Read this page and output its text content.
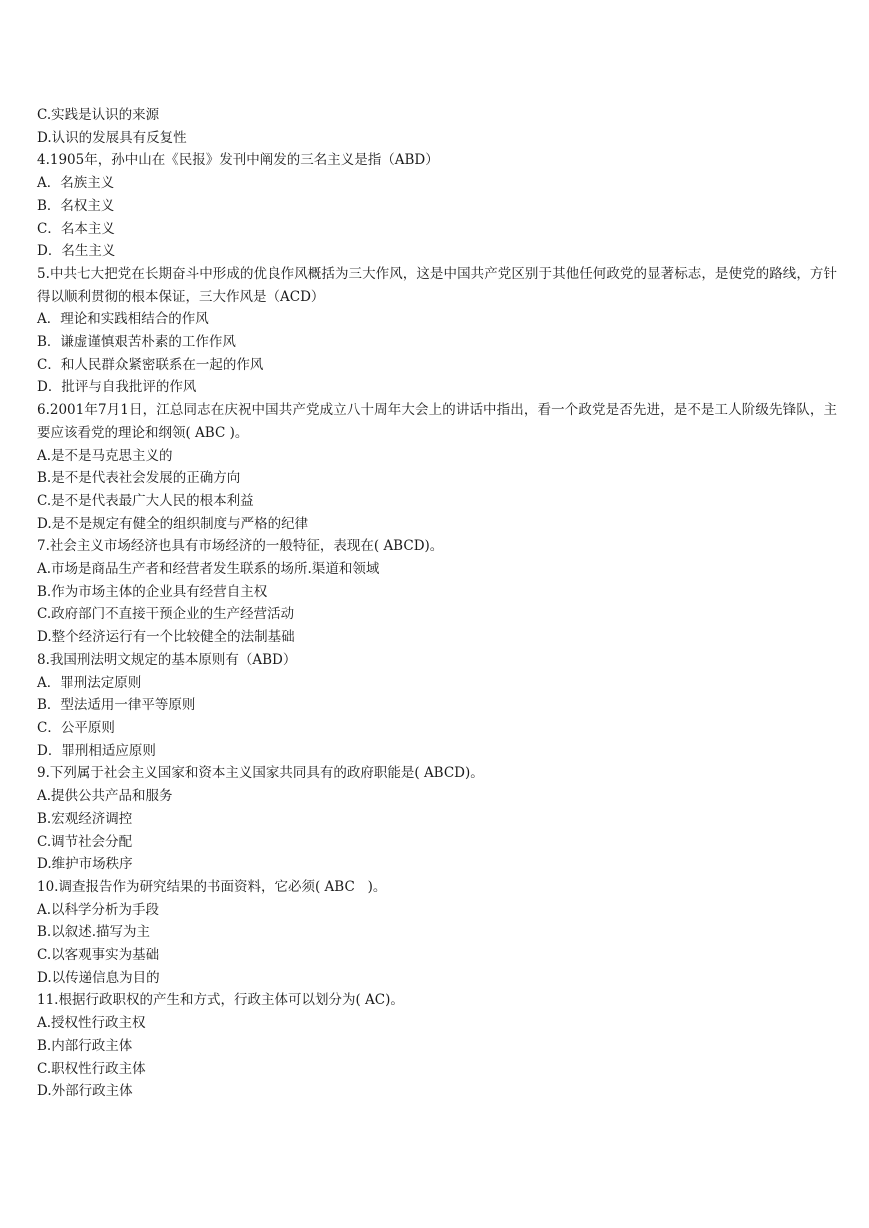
C.实践是认识的来源

D.认识的发展具有反复性

4.1905年，孙中山在《民报》发刊中阐发的三名主义是指（ABD）

A．名族主义

B．名权主义

C．名本主义

D．名生主义

5.中共七大把党在长期奋斗中形成的优良作风概括为三大作风，这是中国共产党区别于其他任何政党的显著标志，是使党的路线，方针得以顺利贯彻的根本保证，三大作风是（ACD）

A．理论和实践相结合的作风

B．谦虚谨慎艰苦朴素的工作作风

C．和人民群众紧密联系在一起的作风

D．批评与自我批评的作风

6.2001年7月1日，江总同志在庆祝中国共产党成立八十周年大会上的讲话中指出，看一个政党是否先进，是不是工人阶级先锋队，主要应该看党的理论和纲领( ABC )。

A.是不是马克思主义的

B.是不是代表社会发展的正确方向

C.是不是代表最广大人民的根本利益

D.是不是规定有健全的组织制度与严格的纪律

7.社会主义市场经济也具有市场经济的一般特征，表现在( ABCD)。

A.市场是商品生产者和经营者发生联系的场所.渠道和领域

B.作为市场主体的企业具有经营自主权

C.政府部门不直接干预企业的生产经营活动

D.整个经济运行有一个比较健全的法制基础

8.我国刑法明文规定的基本原则有（ABD）

A．罪刑法定原则

B．型法适用一律平等原则

C．公平原则

D．罪刑相适应原则

9.下列属于社会主义国家和资本主义国家共同具有的政府职能是( ABCD)。

A.提供公共产品和服务

B.宏观经济调控

C.调节社会分配

D.维护市场秩序

10.调查报告作为研究结果的书面资料，它必须( ABC   )。

A.以科学分析为手段

B.以叙述.描写为主

C.以客观事实为基础

D.以传递信息为目的

11.根据行政职权的产生和方式，行政主体可以划分为( AC)。

A.授权性行政主权

B.内部行政主体

C.职权性行政主体

D.外部行政主体
